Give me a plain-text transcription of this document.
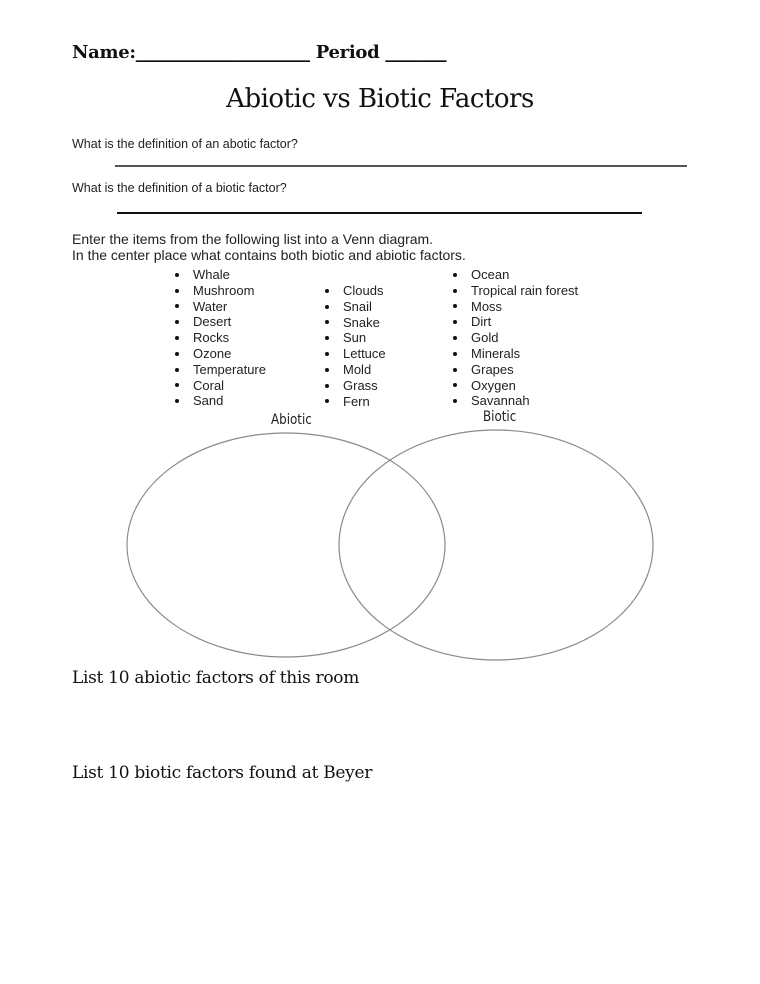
Name:____________________ Period _______
Abiotic vs Biotic Factors
What is the definition of an abotic factor?
What is the definition of a biotic factor?
Enter the items from the following list into a Venn diagram.
In the center place what contains both biotic and abiotic factors.
Whale
Mushroom
Water
Desert
Rocks
Ozone
Temperature
Coral
Sand
Clouds
Snail
Snake
Sun
Lettuce
Mold
Grass
Fern
Ocean
Tropical rain forest
Moss
Dirt
Gold
Minerals
Grapes
Oxygen
Savannah
Abiotic	Biotic
List 10 abiotic factors of this room
List 10 biotic factors found at Beyer
